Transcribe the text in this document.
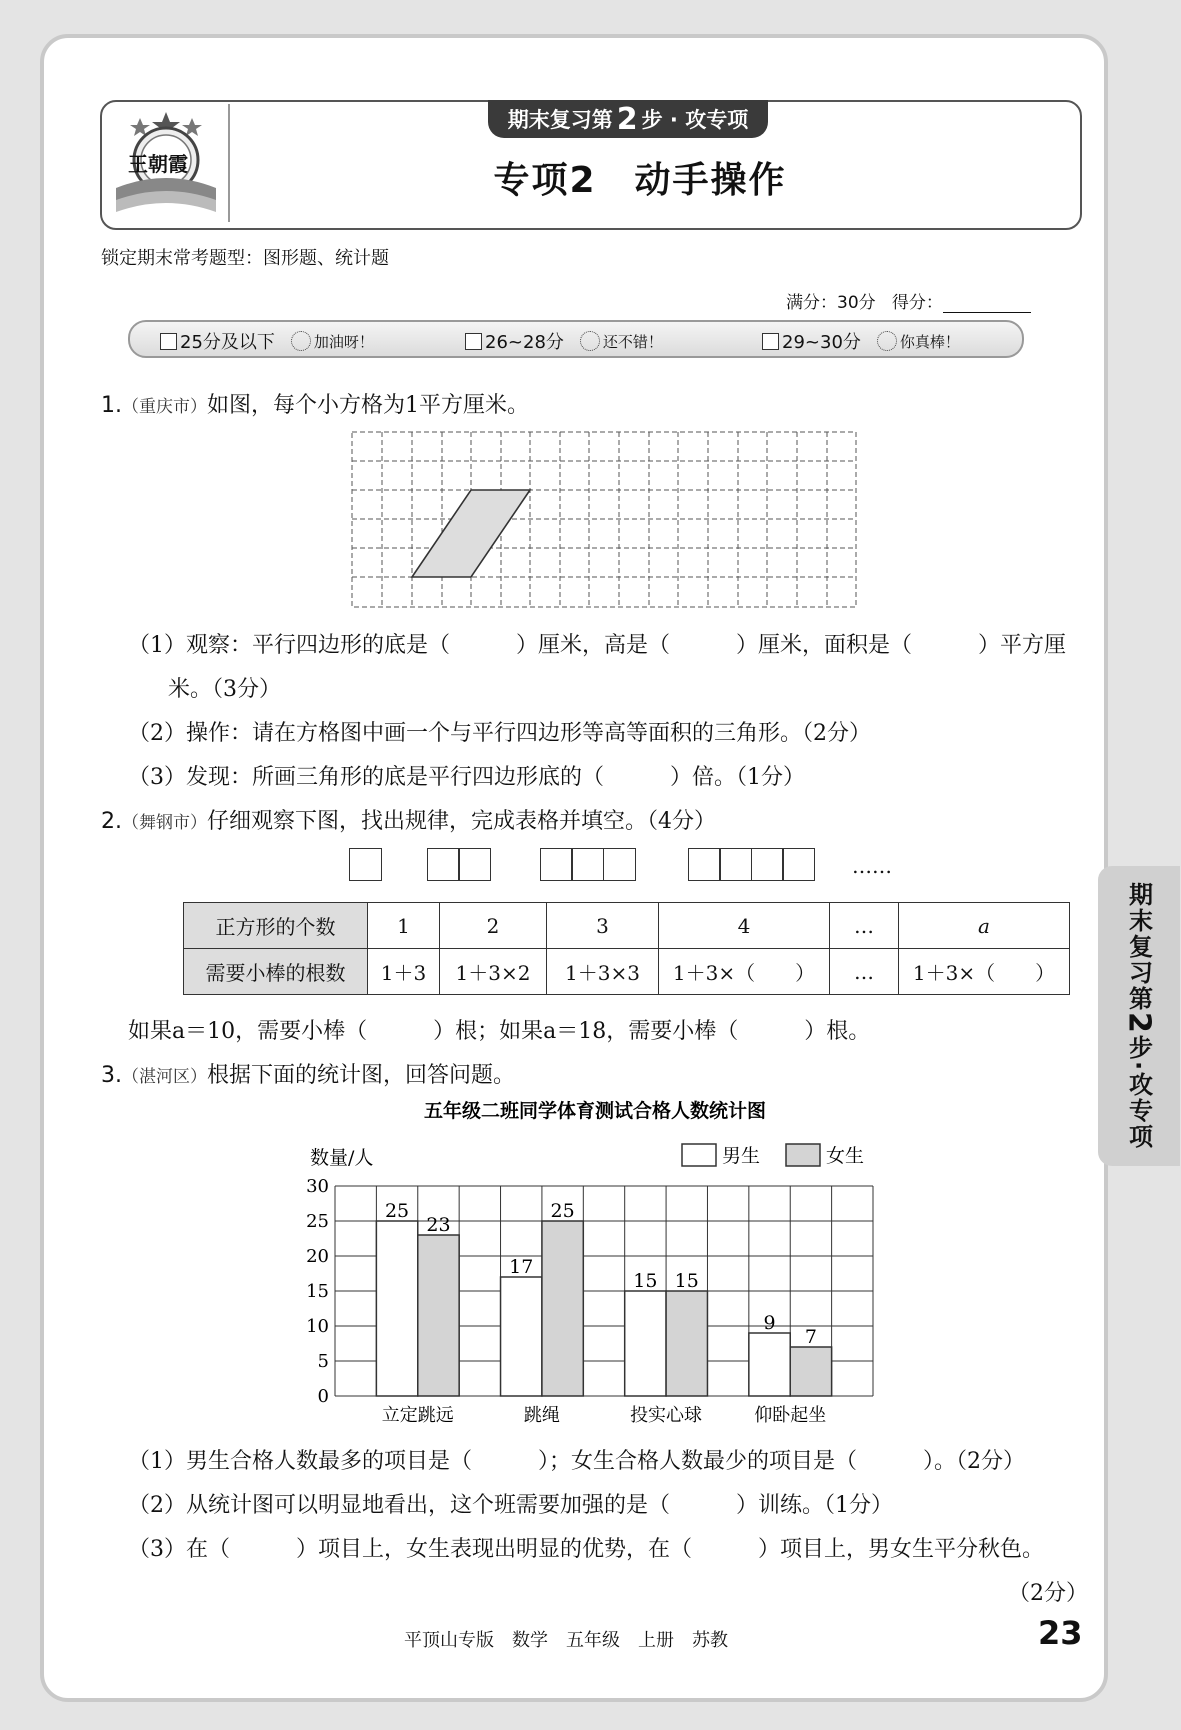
王朝霞
期末复习第 2 步 · 攻专项
专项2　动手操作
锁定期末常考题型：图形题、统计题
满分：30分 得分：
25分及以下	加油呀！	26~28分	还不错！	29~30分	你真棒！
1.（重庆市）如图，每个小方格为1平方厘米。
（1）观察：平行四边形的底是（　　　）厘米，高是（　　　）厘米，面积是（　　　）平方厘
米。（3分）
（2）操作：请在方格图中画一个与平行四边形等高等面积的三角形。（2分）
（3）发现：所画三角形的底是平行四边形底的（　　　）倍。（1分）
2.（舞钢市）仔细观察下图，找出规律，完成表格并填空。（4分）
……
正方形的个数	1	2	3	4	…	a
需要小棒的根数	1＋3	1＋3×2	1＋3×3	1＋3×（　　）	…	1＋3×（　　）
如果a＝10，需要小棒（　　　）根；如果a＝18，需要小棒（　　　）根。
3.（湛河区）根据下面的统计图，回答问题。
五年级二班同学体育测试合格人数统计图
数量/人	男生	女生
0
5
10
15
20
25
30
25
23
立定跳远
17
25
跳绳
15 15
投实心球
9
7
仰卧起坐
（1）男生合格人数最多的项目是（　　　）；女生合格人数最少的项目是（　　　）。（2分）
（2）从统计图可以明显地看出，这个班需要加强的是（　　　）训练。（1分）
（3）在（　　　）项目上，女生表现出明显的优势，在（　　　）项目上，男女生平分秋色。
（2分）
期末复习第
2
步·攻专项
平顶山专版　数学　五年级　上册　苏教	23
